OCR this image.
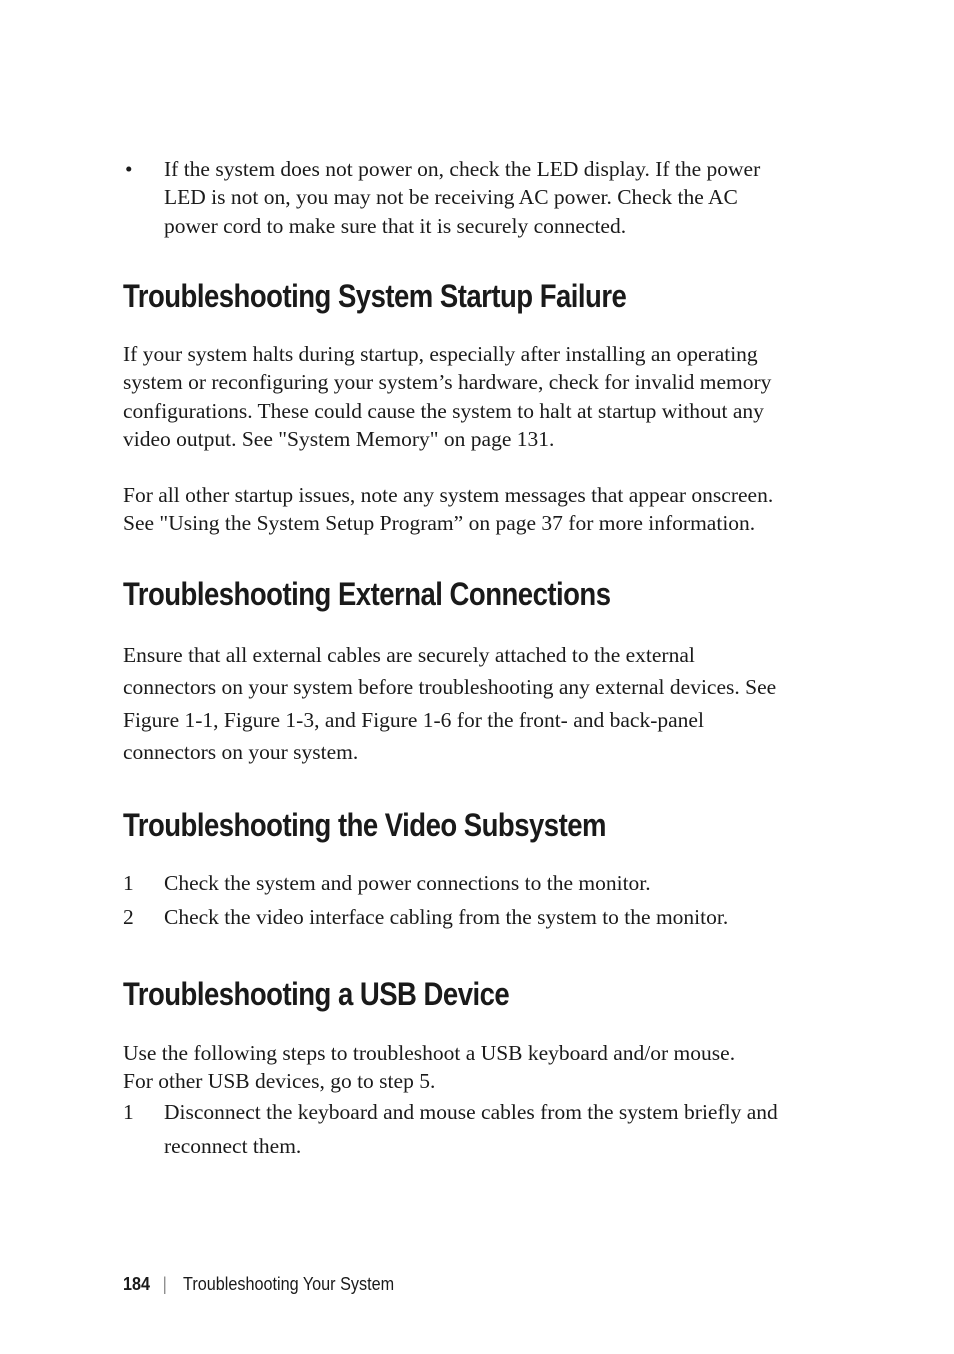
• If the system does not power on, check the LED display. If the power
LED is not on, you may not be receiving AC power. Check the AC
power cord to make sure that it is securely connected.
Troubleshooting System Startup Failure

If your system halts during startup, especially after installing an operating
system or reconfiguring your system’s hardware, check for invalid memory
configurations. These could cause the system to halt at startup without any
video output. See "System Memory" on page 131.

For all other startup issues, note any system messages that appear onscreen.
See "Using the System Setup Program” on page 37 for more information.

Troubleshooting External Connections

Ensure that all external cables are securely attached to the external
connectors on your system before troubleshooting any external devices. See
Figure 1-1, Figure 1-3, and Figure 1-6 for the front- and back-panel
connectors on your system.

Troubleshooting the Video Subsystem
1 Check the system and power connections to the monitor.
2 Check the video interface cabling from the system to the monitor.
Troubleshooting a USB Device

Use the following steps to troubleshoot a USB keyboard and/or mouse.
For other USB devices, go to step 5.

1 Disconnect the keyboard and mouse cables from the system briefly and
reconnect them.
184 | Troubleshooting Your System
